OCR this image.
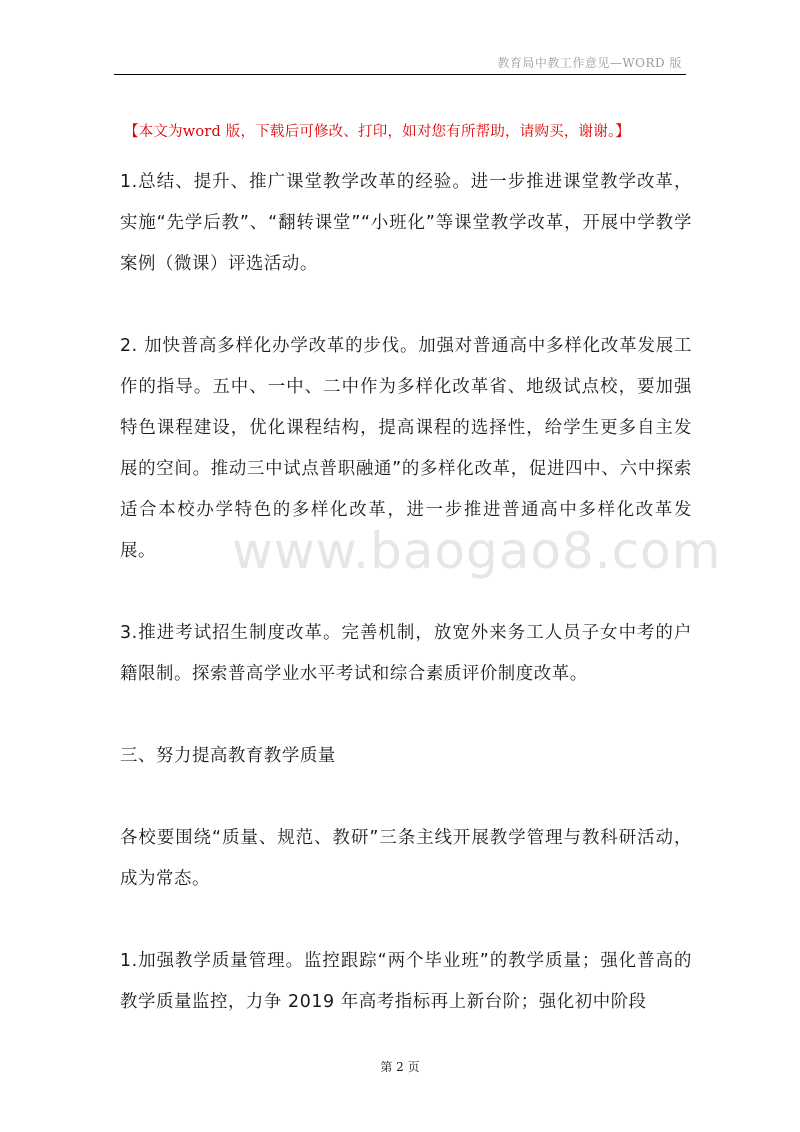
教育局中教工作意见—WORD 版
【本文为word 版，下载后可修改、打印，如对您有所帮助，请购买，谢谢。】
www.baogao8.com

1.总结、提升、推广课堂教学改革的经验。进一步推进课堂教学改革，实施“先学后教”、“翻转课堂”“小班化”等课堂教学改革，开展中学教学案例（微课）评选活动。

2. 加快普高多样化办学改革的步伐。加强对普通高中多样化改革发展工作的指导。五中、一中、二中作为多样化改革省、地级试点校，要加强特色课程建设，优化课程结构，提高课程的选择性，给学生更多自主发展的空间。推动三中试点普职融通”的多样化改革，促进四中、六中探索适合本校办学特色的多样化改革，进一步推进普通高中多样化改革发展。

3.推进考试招生制度改革。完善机制，放宽外来务工人员子女中考的户籍限制。探索普高学业水平考试和综合素质评价制度改革。

三、努力提高教育教学质量

各校要围绕“质量、规范、教研”三条主线开展教学管理与教科研活动，成为常态。

1.加强教学质量管理。监控跟踪“两个毕业班”的教学质量；强化普高的教学质量监控，力争 2019 年高考指标再上新台阶；强化初中阶段

第 2 页
